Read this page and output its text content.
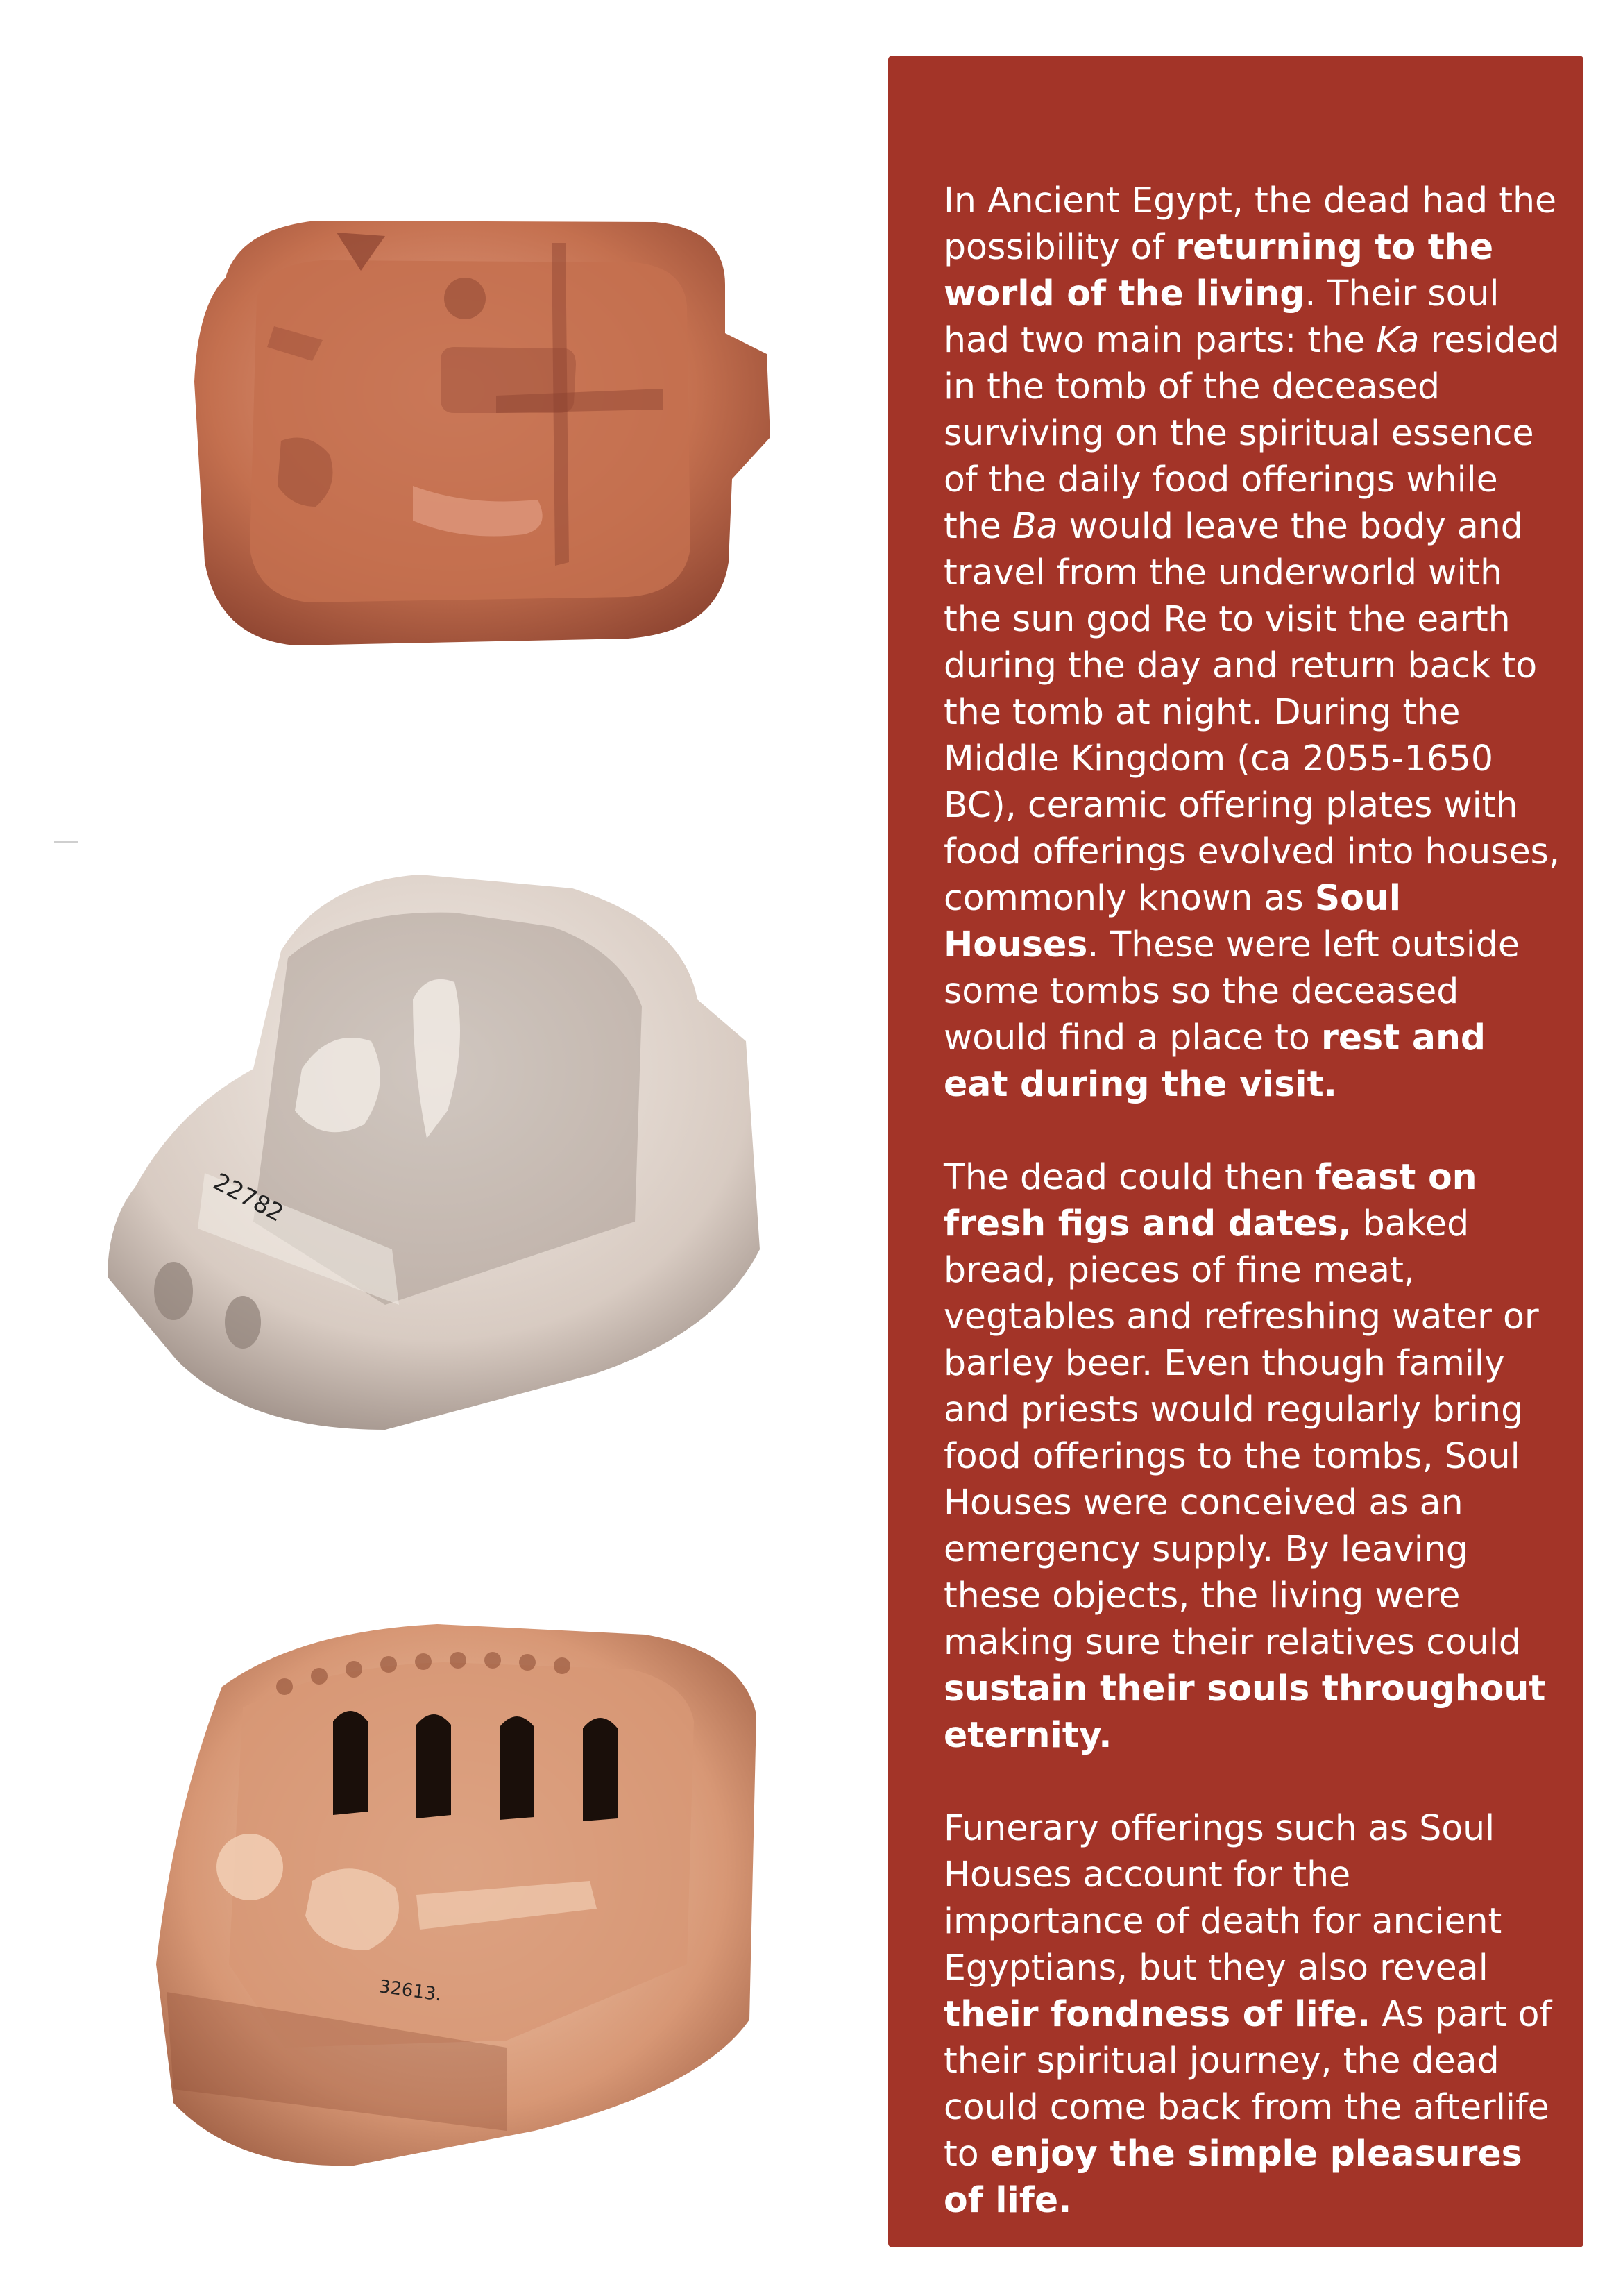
22782
32613.

In Ancient Egypt, the dead had the possibility of returning to the world of the living. Their soul had two main parts: the Ka resided in the tomb of the deceased surviving on the spiritual essence of the daily food offerings while the Ba would leave the body and travel from the underworld with the sun god Re to visit the earth during the day and return back to the tomb at night. During the Middle Kingdom (ca 2055-1650 BC), ceramic offering plates with food offerings evolved into houses, commonly known as Soul Houses. These were left outside some tombs so the deceased would find a place to rest and eat during the visit.

The dead could then feast on fresh figs and dates, baked bread, pieces of fine meat, vegtables and refreshing water or barley beer. Even though family and priests would regularly bring food offerings to the tombs, Soul Houses were conceived as an emergency supply. By leaving these objects, the living were making sure their relatives could sustain their souls throughout eternity.

Funerary offerings such as Soul Houses account for the importance of death for ancient Egyptians, but they also reveal their fondness of life. As part of their spiritual journey, the dead could come back from the afterlife to enjoy the simple pleasures of life.
